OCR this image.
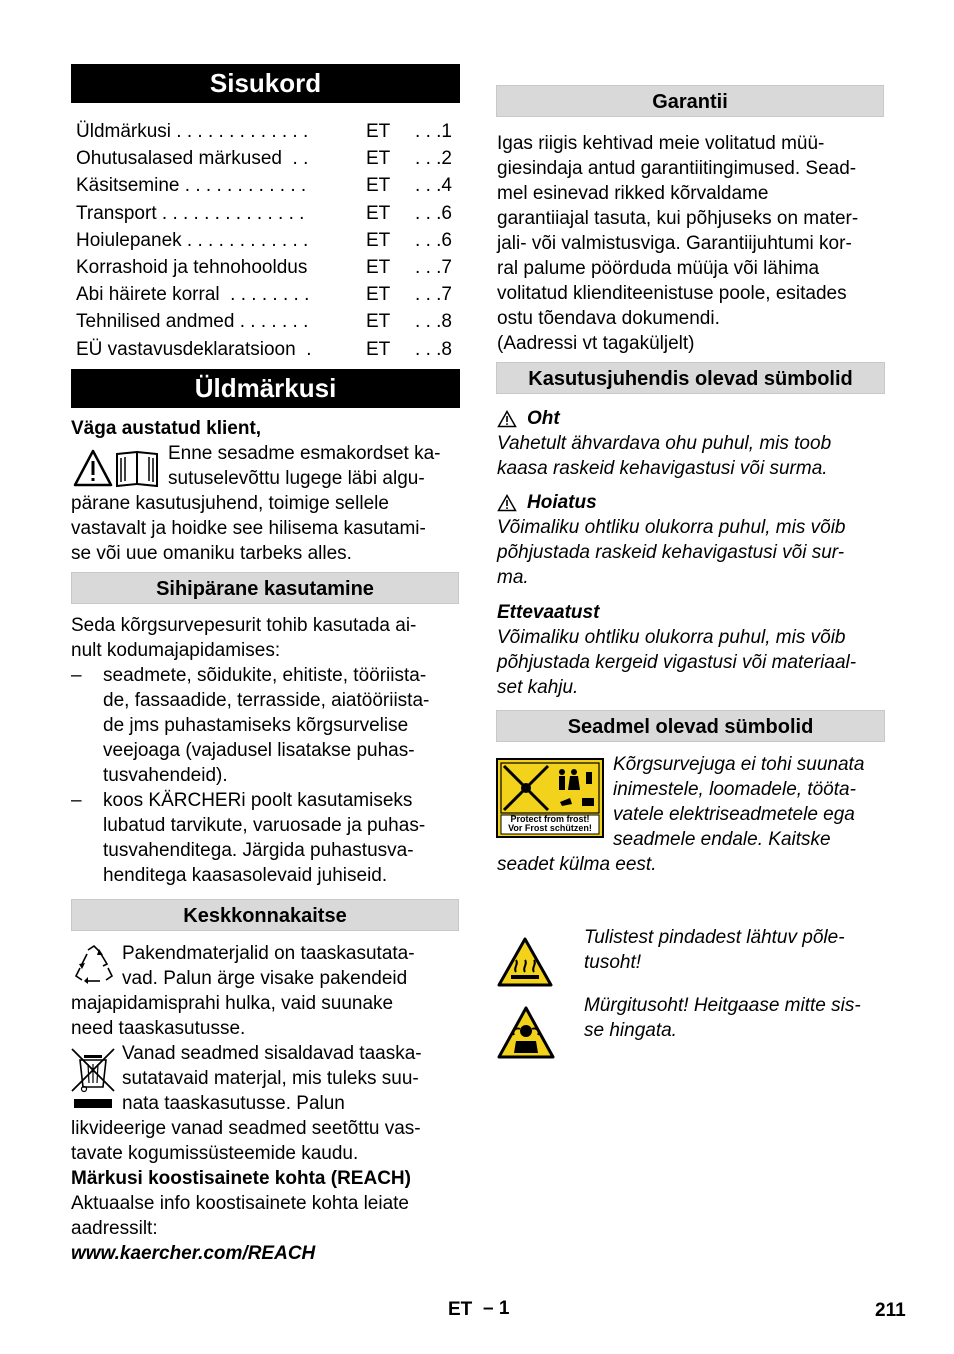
Sisukord
Üldmärkusi . . . . . . . . . . . . .	ET . . .1
Ohutusalased märkused  . .	ET . . .2
Käsitsemine . . . . . . . . . . . .	ET . . .4
Transport . . . . . . . . . . . . . .	ET . . .6
Hoiulepanek . . . . . . . . . . . .	ET . . .6
Korrashoid ja tehnohooldus	ET . . .7
Abi häirete korral  . . . . . . . .	ET . . .7
Tehnilised andmed . . . . . . .	ET . . .8
EÜ vastavusdeklaratsioon  .	ET . . .8
Üldmärkusi
Väga austatud klient,

Enne sesadme esmakordset ka-

sutuselevõttu lugege läbi algu-

pärane kasutusjuhend, toimige sellele

vastavalt ja hoidke see hilisema kasutami-

se või uue omaniku tarbeks alles.

Sihipärane kasutamine

Seda kõrgsurvepesurit tohib kasutada ai-

nult kodumajapidamises:

– seadmete, sõidukite, ehitiste, tööriista-

de, fassaadide, terrasside, aiatööriista-

de jms puhastamiseks kõrgsurvelise

veejoaga (vajadusel lisatakse puhas-

tusvahendeid).

– koos KÄRCHERi poolt kasutamiseks

lubatud tarvikute, varuosade ja puhas-

tusvahenditega. Järgida puhastusva-

henditega kaasasolevaid juhiseid.

Keskkonnakaitse

Pakendmaterjalid on taaskasutata-

vad. Palun ärge visake pakendeid

majapidamisprahi hulka, vaid suunake

need taaskasutusse.

Vanad seadmed sisaldavad taaska-

sutatavaid materjal, mis tuleks suu-

nata taaskasutusse. Palun

likvideerige vanad seadmed seetõttu vas-

tavate kogumissüsteemide kaudu.

Märkusi koostisainete kohta (REACH)

Aktuaalse info koostisainete kohta leiate

aadressilt:

www.kaercher.com/REACH

Garantii

Igas riigis kehtivad meie volitatud müü-

giesindaja antud garantiitingimused. Sead-

mel esinevad rikked kõrvaldame

garantiiajal tasuta, kui põhjuseks on mater-

jali- või valmistusviga. Garantiijuhtumi kor-

ral palume pöörduda müüja või lähima

volitatud klienditeenistuse poole, esitades

ostu tõendava dokumendi.

(Aadressi vt tagaküljelt)

Kasutusjuhendis olevad sümbolid
Oht

Vahetult ähvardava ohu puhul, mis toob

kaasa raskeid kehavigastusi või surma.

Hoiatus

Võimaliku ohtliku olukorra puhul, mis võib

põhjustada raskeid kehavigastusi või sur-

ma.

Ettevaatust

Võimaliku ohtliku olukorra puhul, mis võib

põhjustada kergeid vigastusi või materiaal-

set kahju.

Seadmel olevad sümbolid
Protect from frost!
Vor Frost schützen!

Kõrgsurvejuga ei tohi suunata

inimestele, loomadele, tööta-

vatele elektriseadmetele ega

seadmele endale. Kaitske

seadet külma eest.

Tulistest pindadest lähtuv põle-

tusoht!

Mürgitusoht! Heitgaase mitte sis-

se hingata.

ET – 1	211
